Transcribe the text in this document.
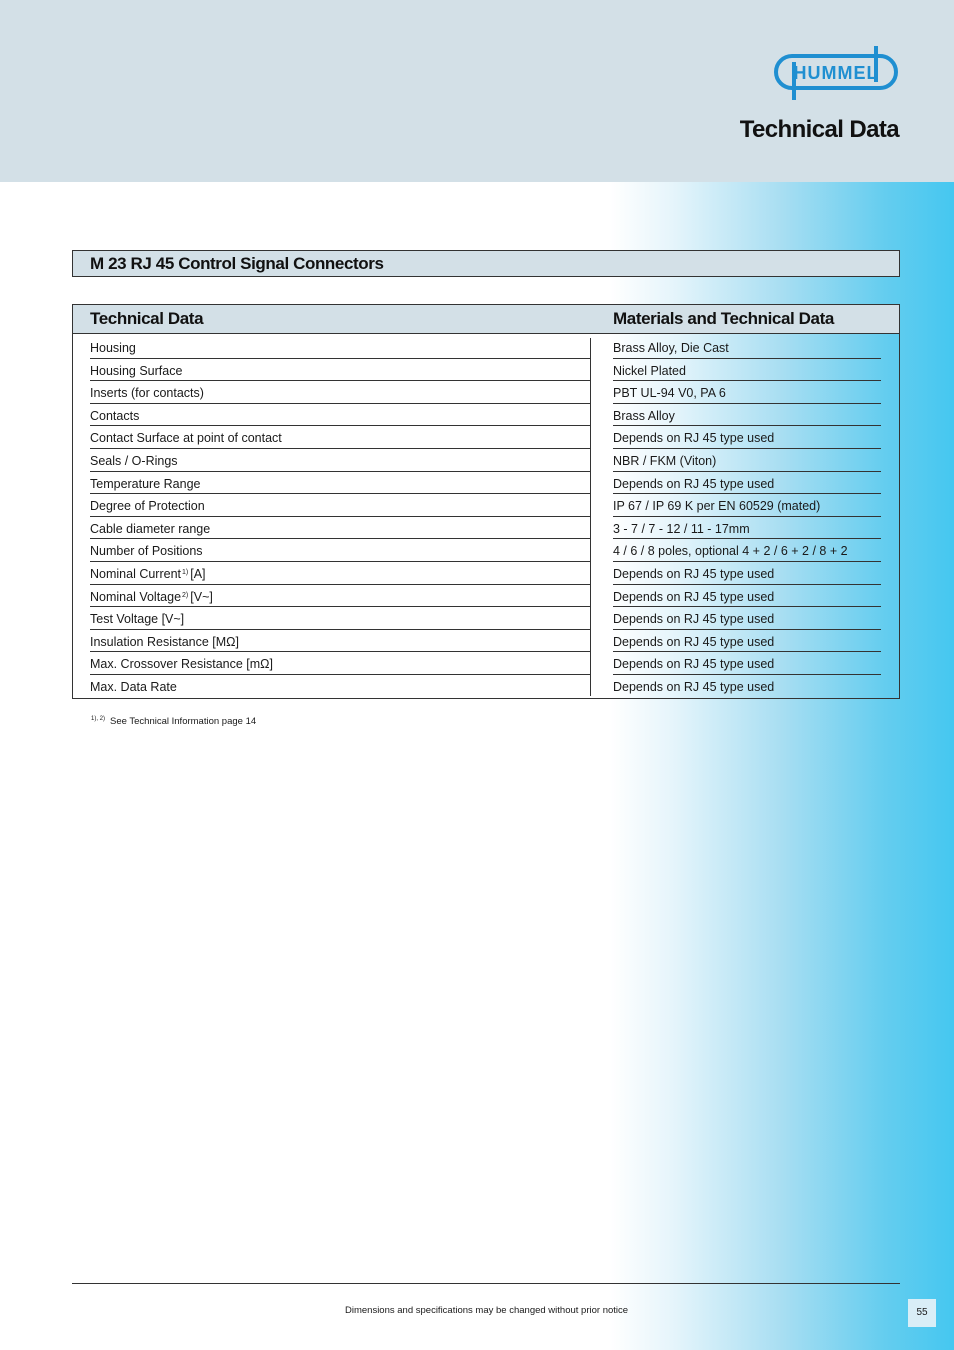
HUMMEL
Technical Data
M 23 RJ 45 Control Signal Connectors
Technical Data	Materials and Technical Data
Housing	Brass Alloy, Die Cast
Housing Surface	Nickel Plated
Inserts (for contacts)	PBT UL-94 V0, PA 6
Contacts	Brass Alloy
Contact Surface at point of contact	Depends on RJ 45 type used
Seals / O-Rings	NBR / FKM (Viton)
Temperature Range	Depends on RJ 45 type used
Degree of Protection	IP 67 / IP 69 K per EN 60529 (mated)
Cable diameter range	3 - 7 / 7 - 12 / 11 - 17mm
Number of Positions	4 / 6 / 8 poles, optional 4 + 2 / 6 + 2 / 8 + 2
Nominal Current$^{1)}$ [A]	Depends on RJ 45 type used
Nominal Voltage$^{2)}$ [V~]	Depends on RJ 45 type used
Test Voltage [V~]	Depends on RJ 45 type used
Insulation Resistance [MΩ]	Depends on RJ 45 type used
Max. Crossover Resistance [mΩ]	Depends on RJ 45 type used
Max. Data Rate	Depends on RJ 45 type used
$^{1), 2)}$ See Technical Information page 14
Dimensions and specifications may be changed without prior notice	55
